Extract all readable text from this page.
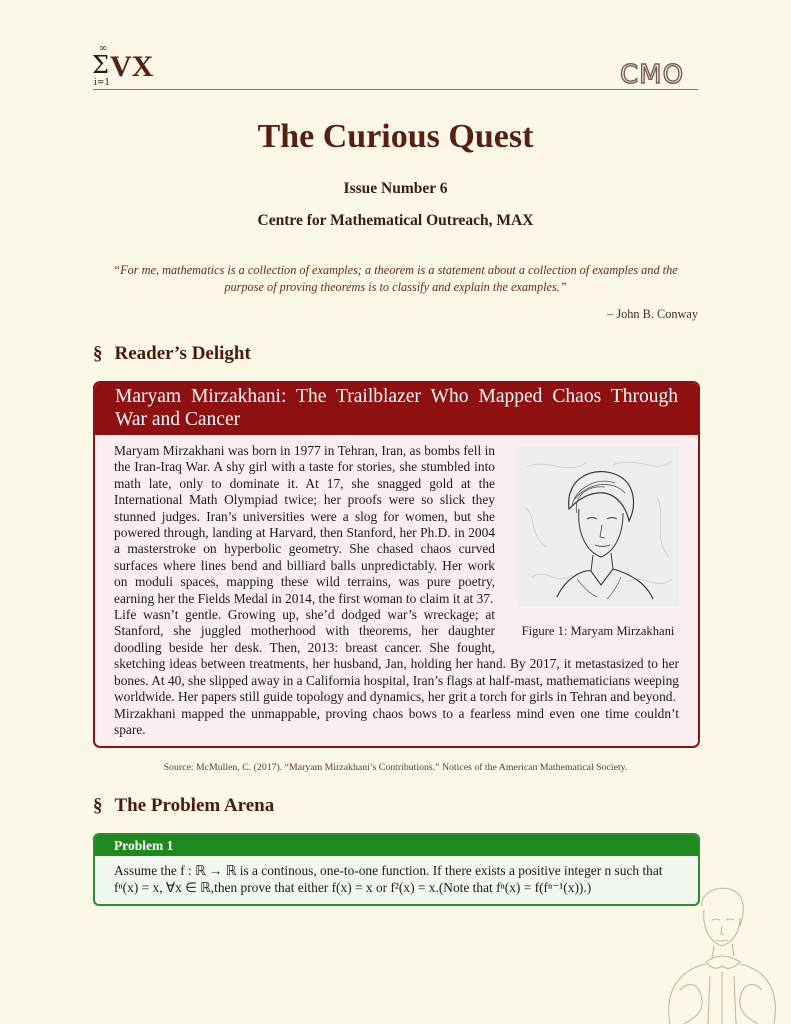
∞
Σ
i=1 VX	CMO
The Curious Quest
Issue Number 6
Centre for Mathematical Outreach, MAX
“For me, mathematics is a collection of examples; a theorem is a statement about a collection of examples and the purpose of proving theorems is to classify and explain the examples.”
– John B. Conway
§ Reader’s Delight
Maryam Mirzakhani: The Trailblazer Who Mapped Chaos Through War and Cancer
Figure 1: Maryam Mirzakhani

Maryam Mirzakhani was born in 1977 in Tehran, Iran, as bombs fell in the Iran-Iraq War. A shy girl with a taste for stories, she stumbled into math late, only to dominate it. At 17, she snagged gold at the International Math Olympiad twice; her proofs were so slick they stunned judges. Iran’s universities were a slog for women, but she powered through, landing at Harvard, then Stanford, her Ph.D. in 2004 a masterstroke on hyperbolic geometry. She chased chaos curved surfaces where lines bend and billiard balls unpredictably. Her work on moduli spaces, mapping these wild terrains, was pure poetry, earning her the Fields Medal in 2014, the first woman to claim it at 37.

Life wasn’t gentle. Growing up, she’d dodged war’s wreckage; at Stanford, she juggled motherhood with theorems, her daughter doodling beside her desk. Then, 2013: breast cancer. She fought, sketching ideas between treatments, her husband, Jan, holding her hand. By 2017, it metastasized to her bones. At 40, she slipped away in a California hospital, Iran’s flags at half-mast, mathematicians weeping worldwide. Her papers still guide topology and dynamics, her grit a torch for girls in Tehran and beyond.

Mirzakhani mapped the unmappable, proving chaos bows to a fearless mind even one time couldn’t spare.

Source: McMullen, C. (2017). “Maryam Mirzakhani’s Contributions.” Notices of the American Mathematical Society.
§ The Problem Arena
Problem 1
Assume the f : ℝ → ℝ is a continous, one-to-one function. If there exists a positive integer n such that
fⁿ(x) = x, ∀x ∈ ℝ,then prove that either f(x) = x or f²(x) = x.(Note that fⁿ(x) = f(fⁿ⁻¹(x)).)
